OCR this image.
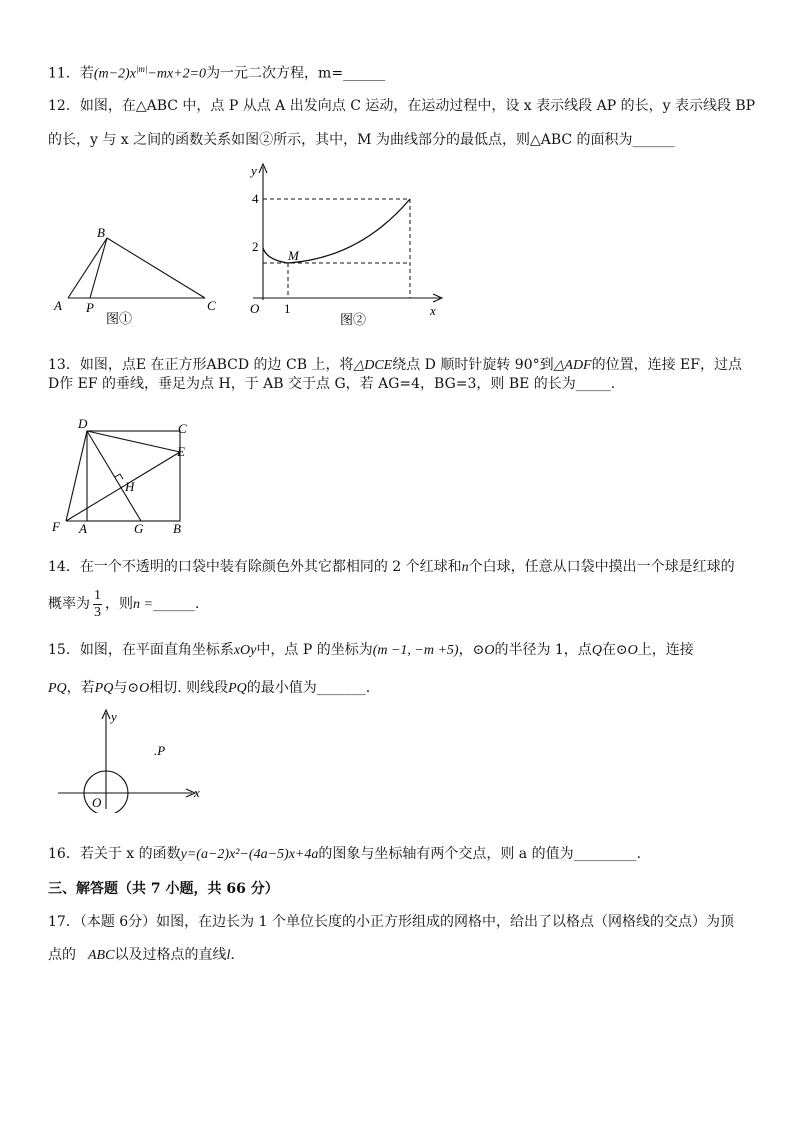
11．若$(m-2)x^{|m|}-mx+2=0$为一元二次方程，m=______
12．如图，在△ABC 中，点 P 从点 A 出发向点 C 运动，在运动过程中，设 x 表示线段 AP 的长，y 表示线段 BP
的长，y 与 x 之间的函数关系如图②所示，其中，M 为曲线部分的最低点，则△ABC 的面积为______
B
A P	C
图①
y
4
2
M
O 1
图②
x
13．如图，点E 在正方形ABCD 的边 CB 上，将△DCE绕点 D 顺时针旋转 90°到△ADF的位置，连接 EF，过点
D作 EF 的垂线，垂足为点 H，于 AB 交于点 G，若 AG=4，BG=3，则 BE 的长为_____.
D	C
E
H
F A	G B
14．在一个不透明的口袋中装有除颜色外其它都相同的 2 个红球和n个白球，任意从口袋中摸出一个球是红球的
概率为 $\frac{1}{3}$ ，则n =______.
15．如图，在平面直角坐标系xOy中，点 P 的坐标为(m −1, −m +5)，⊙O的半径为 1，点Q在⊙O上，连接
PQ，若PQ与⊙O相切. 则线段PQ的最小值为_______.
y
.P
O
x
16．若关于 x 的函数y=(a−2)x²−(4a−5)x+4a的图象与坐标轴有两个交点，则 a 的值为_________.
三、解答题（共 7 小题，共 66 分）
17．（本题 6分）如图，在边长为 1 个单位长度的小正方形组成的网格中，给出了以格点（网格线的交点）为顶
点的 ABC以及过格点的直线l.
